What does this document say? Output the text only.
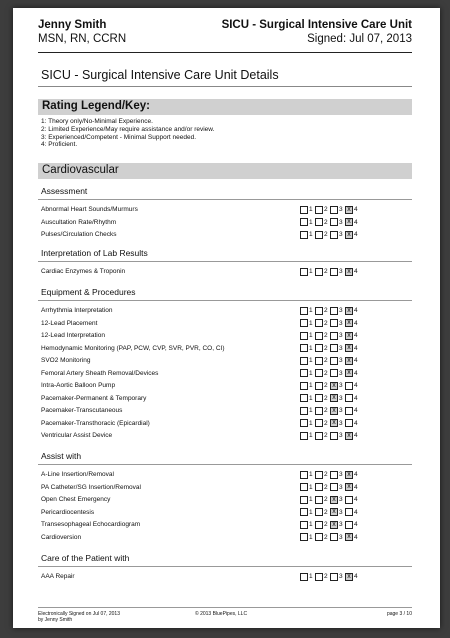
Jenny Smith
MSN, RN, CCRN
SICU - Surgical Intensive Care Unit
Signed: Jul 07, 2013
SICU - Surgical Intensive Care Unit Details
Rating Legend/Key:
1: Theory only/No-Minimal Experience.
2: Limited Experience/May require assistance and/or review.
3: Experienced/Competent - Minimal Support needed.
4: Proficient.
Cardiovascular
Assessment
Abnormal Heart Sounds/Murmurs	1 2 3 x 4
Auscultation Rate/Rhythm	1 2 3 x 4
Pulses/Circulation Checks	1 2 3 x 4
Interpretation of Lab Results
Cardiac Enzymes & Troponin	1 2 3 x 4
Equipment & Procedures
Arrhythmia Interpretation	1 2 3 x 4
12-Lead Placement	1 2 3 x 4
12-Lead Interpretation	1 2 3 x 4
Hemodynamic Monitoring (PAP, PCW, CVP, SVR, PVR, CO, CI)	1 2 3 x 4
SVO2 Monitoring	1 2 3 x 4
Femoral Artery Sheath Removal/Devices	1 2 3 x 4
Intra-Aortic Balloon Pump	1 2 x 3 4
Pacemaker-Permanent & Temporary	1 2 x 3 4
Pacemaker-Transcutaneous	1 2 x 3 4
Pacemaker-Transthoracic (Epicardial)	1 2 x 3 4
Ventricular Assist Device	1 2 3 x 4
Assist with
A-Line Insertion/Removal	1 2 3 x 4
PA Catheter/SG Insertion/Removal	1 2 3 x 4
Open Chest Emergency	1 2 x 3 4
Pericardiocentesis	1 2 x 3 4
Transesophageal Echocardiogram	1 2 x 3 4
Cardioversion	1 2 3 x 4
Care of the Patient with
AAA Repair	1 2 3 x 4
Electronically Signed on Jul 07, 2013
by Jenny Smith
© 2013 BluePipes, LLC	page 3 / 10
